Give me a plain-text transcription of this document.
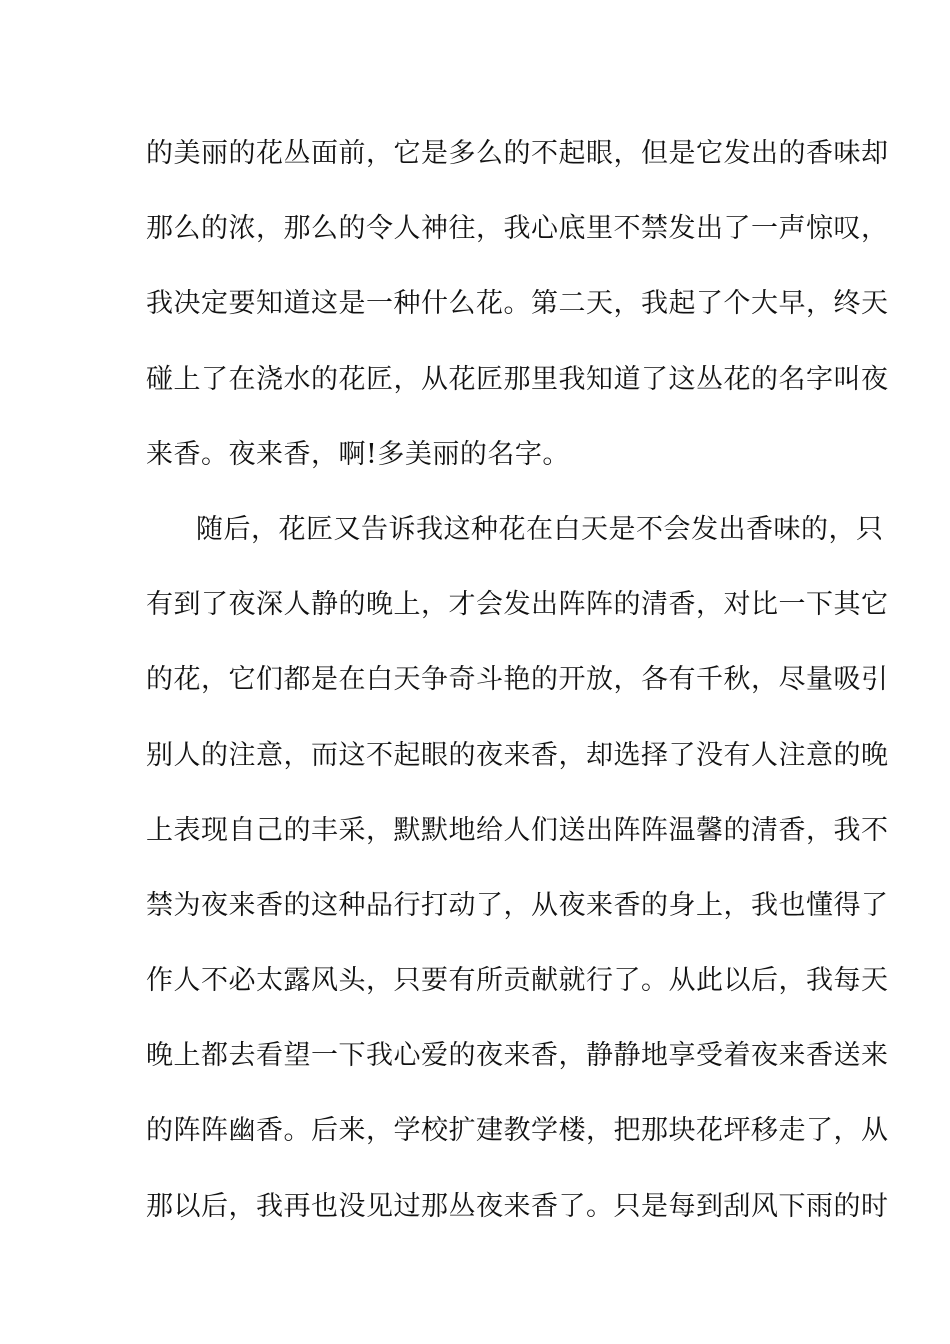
的美丽的花丛面前，它是多么的不起眼，但是它发出的香味却
那么的浓，那么的令人神往，我心底里不禁发出了一声惊叹，
我决定要知道这是一种什么花。第二天，我起了个大早，终天
碰上了在浇水的花匠，从花匠那里我知道了这丛花的名字叫夜
来香。夜来香，啊!多美丽的名字。
随后，花匠又告诉我这种花在白天是不会发出香味的，只
有到了夜深人静的晚上，才会发出阵阵的清香，对比一下其它
的花，它们都是在白天争奇斗艳的开放，各有千秋，尽量吸引
别人的注意，而这不起眼的夜来香，却选择了没有人注意的晚
上表现自己的丰采，默默地给人们送出阵阵温馨的清香，我不
禁为夜来香的这种品行打动了，从夜来香的身上，我也懂得了
作人不必太露风头，只要有所贡献就行了。从此以后，我每天
晚上都去看望一下我心爱的夜来香，静静地享受着夜来香送来
的阵阵幽香。后来，学校扩建教学楼，把那块花坪移走了，从
那以后，我再也没见过那丛夜来香了。只是每到刮风下雨的时
